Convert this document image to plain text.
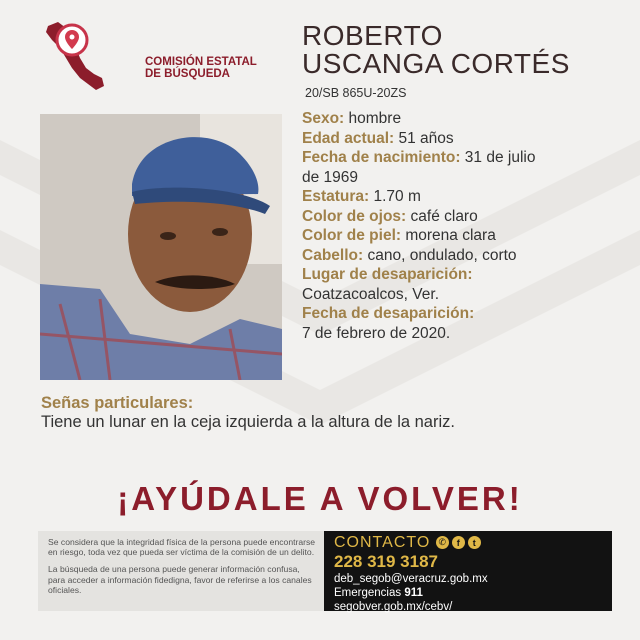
COMISIÓN ESTATAL
DE BÚSQUEDA
ROBERTO
USCANGA CORTÉS
20/SB 865U-20ZS

Sexo: hombre

Edad actual: 51 años

Fecha de nacimiento: 31 de julio
de 1969

Estatura: 1.70 m

Color de ojos: café claro

Color de piel: morena clara

Cabello: cano, ondulado, corto

Lugar de desaparición:
Coatzacoalcos, Ver.

Fecha de desaparición:
7 de febrero de 2020.

Señas particulares:
Tiene un lunar en la ceja izquierda a la altura de la nariz.
¡AYÚDALE A VOLVER!

Se considera que la integridad física de la persona puede encontrarse en riesgo, toda vez que pueda ser víctima de la comisión de un delito.

La búsqueda de una persona puede generar información confusa, para acceder a información fidedigna, favor de referirse a los canales oficiales.

CONTACTO ✆	f	t
228 319 3187
deb_segob@veracruz.gob.mx
Emergencias 911
segobver.gob.mx/cebv/
